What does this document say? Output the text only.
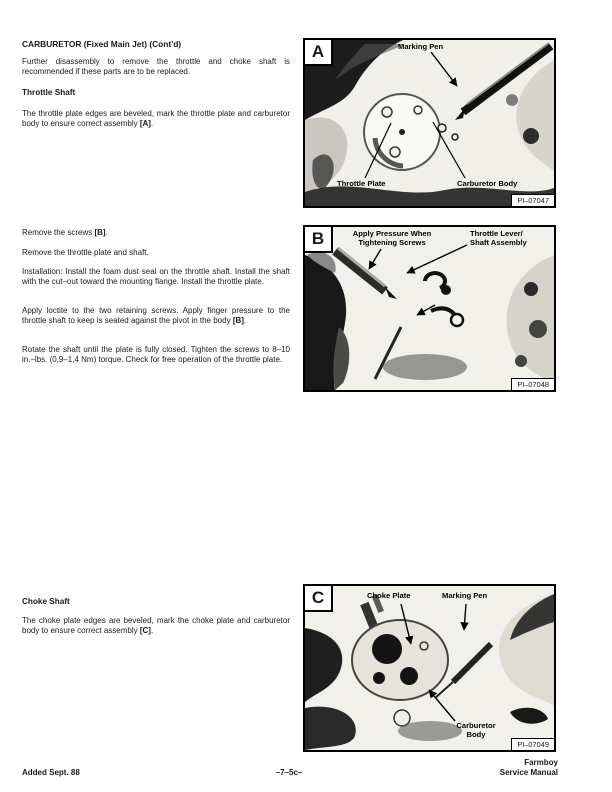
CARBURETOR (Fixed Main Jet) (Cont'd)
Further disassembly to remove the throttle and choke shaft is recommended if these parts are to be replaced.
Throttle Shaft
The throttle plate edges are beveled, mark the throttle plate and carburetor body to ensure correct assembly [A].
Remove the screws [B].
Remove the throttle plate and shaft.
Installation: Install the foam dust seal on the throttle shaft. Install the shaft with the cut–out toward the mounting flange. Install the throttle plate.
Apply loctite to the two retaining screws. Apply finger pressure to the throttle shaft to keep is seated against the pivot in the body [B].
Rotate the shaft until the plate is fully closed. Tighten the screws to 8–10 in.–lbs. (0,9–1,4 Nm) torque. Check for free operation of the throttle plate.
Choke Shaft
The choke plate edges are beveled, mark the choke plate and carburetor body to ensure correct assembly [C].
A	Marking Pen
Throttle Plate	Carburetor Body
PI–07047
B	Apply Pressure When
Tightening Screws
Throttle Lever/
Shaft Assembly
PI–07048
C	Choke Plate	Marking Pen
Carburetor
Body
PI–07049
Added Sept. 88	–7–5c–
Farmboy
Service Manual
